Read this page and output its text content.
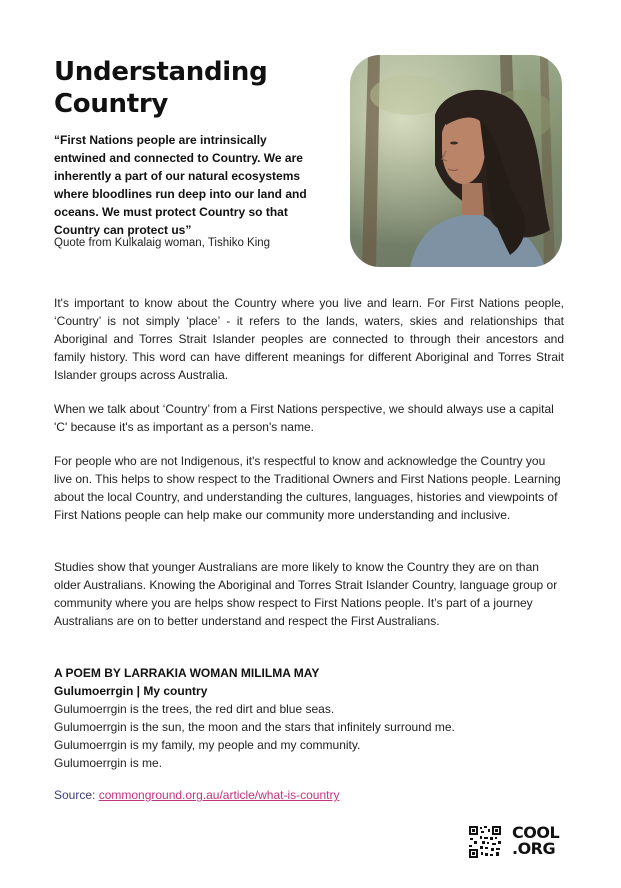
Understanding
Country

“First Nations people are intrinsically entwined and connected to Country. We are inherently a part of our natural ecosystems where bloodlines run deep into our land and oceans. We must protect Country so that Country can protect us”

Quote from Kulkalaig woman, Tishiko King

It's important to know about the Country where you live and learn. For First Nations people, ‘Country’ is not simply ‘place’ - it refers to the lands, waters, skies and relationships that Aboriginal and Torres Strait Islander peoples are connected to through their ancestors and family history. This word can have different meanings for different Aboriginal and Torres Strait Islander groups across Australia.

When we talk about ‘Country’ from a First Nations perspective, we should always use a capital 'C' because it's as important as a person's name.

For people who are not Indigenous, it's respectful to know and acknowledge the Country you live on. This helps to show respect to the Traditional Owners and First Nations people. Learning about the local Country, and understanding the cultures, languages, histories and viewpoints of First Nations people can help make our community more understanding and inclusive.

Studies show that younger Australians are more likely to know the Country they are on than older Australians. Knowing the Aboriginal and Torres Strait Islander Country, language group or community where you are helps show respect to First Nations people. It’s part of a journey Australians are on to better understand and respect the First Australians.

A POEM BY LARRAKIA WOMAN MILILMA MAY
Gulumoerrgin | My country
Gulumoerrgin is the trees, the red dirt and blue seas.
Gulumoerrgin is the sun, the moon and the stars that infinitely surround me.
Gulumoerrgin is my family, my people and my community.
Gulumoerrgin is me.
Source: commonground.org.au/article/what-is-country
COOL
.ORG
